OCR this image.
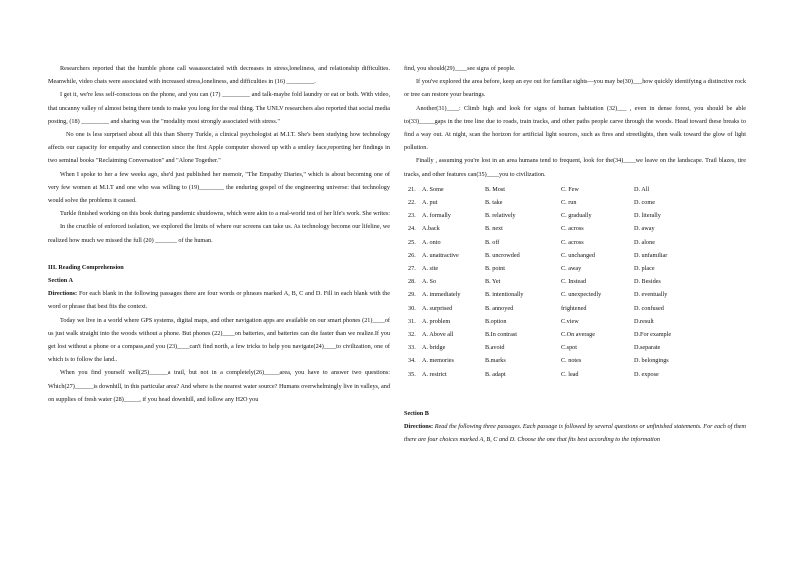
Researchers reported that the humble phone call wasassociated with decreases in stress,loneliness, and relationship difficulties. Meanwhile, video chats were associated with increased stress,loneliness, and difficulties in (16) _________.

I get it, we're less self-conscious on the phone, and you can (17) _________ and talk-maybe fold laundry or eat or both. With video, that uncanny valley of almost being there tends to make you long for the real thing. The UNLV researchers also reported that social media posting, (18) _________ and sharing was the "modality most strongly associated with stress."

No one is less surprised about all this than Sherry Turkle, a clinical psychologist at M.I.T. She's been studying how technology affects our capacity for empathy and connection since the first Apple computer showed up with a smiley face,reporting her findings in two seminal books "Reclaiming Conversation" and "Alone Together."

When I spoke to her a few weeks ago, she'd just published her memoir, "The Empathy Diaries," which is about becoming one of very few women at M.I.T and one who was willing to (19)________ the enduring gospel of the engineering universe: that technology would solve the problems it caused.

Turkle finished working on this book during pandemic shutdowns, which were akin to a real-world test of her life's work. She writes:

In the crucible of enforced isolation, we explored the limits of where our screens can take us. As technology become our lifeline, we realized how much we missed the full (20) _______ of the human.

III. Reading Comprehension

Section A

Directions: For each blank in the following passages there are four words or phrases marked A, B, C and D. Fill in each blank with the word or phrase that best fits the context.

Today we live in a world where GPS systems, digital maps, and other navigation apps are available on our smart phones (21)____of us just walk straight into the woods without a phone. But phones (22)____on batteries, and batteries can die faster than we realize.If you get lost without a phone or a compass,and you (23)____can't find north, a few tricks to help you navigate(24)____to civilization, one of which is to follow the land..

When you find yourself well(25)______a trail, but not in a completely(26)_____area, you have to answer two questions: Which(27)______is downhill, in this particular area? And where is the nearest water source? Humans overwhelmingly live in valleys, and on supplies of fresh water (28)_____, if you head downhill, and follow any H2O you

find, you should(29)____see signs of people.

If you've explored the area before, keep an eye out for familiar sights—you may be(30)___how quickly identifying a distinctive rock or tree can restore your bearings.

Another(31)____: Climb high and look for signs of human habitation (32)___ , even in dense forest, you should be able to(33)_____gaps in the tree line due to roads, train tracks, and other paths people carve through the woods. Head toward these breaks to find a way out. At night, scan the horizon for artificial light sources, such as fires and streetlights, then walk toward the glow of light pollution.

Finally , assuming you're lost in an area humans tend to frequent, look for the(34)____we leave on the landscape. Trail blazes, tire tracks, and other features can(35)____you to civilization.

21.	A. Some	B. Most	C. Few	D. All
22.	A. put	B. take	C. run	D. come
23.	A. formally	B. relatively	C. gradually	D. literally
24.	A.back	B. next	C. across	D. away
25.	A. onto	B. off	C. across	D. alone
26.	A. unattractive	B. uncrowded	C. unchanged	D. unfamiliar
27.	A. site	B. point	C. away	D. place
28.	A. So	B. Yet	C. Instead	D. Besides
29.	A. immediately	B. intentionally	C. unexpectedly	D. eventually
30.	A. surprised	B. annoyed	frightened	D. confused
31.	A. problem	B.option	C.view	D.result
32.	A. Above all	B.In contrast	C.On average	D.For example
33.	A. bridge	B.avoid	C.spot	D.separate
34.	A. memories	B.marks	C. notes	D. belongings
35.	A. restrict	B. adapt	C. lead	D. expose

Section B

Directions: Read the following three passages. Each passage is followed by several questions or unfinished statements. For each of them there are four choices marked A, B, C and D. Choose the one that fits best according to the information
